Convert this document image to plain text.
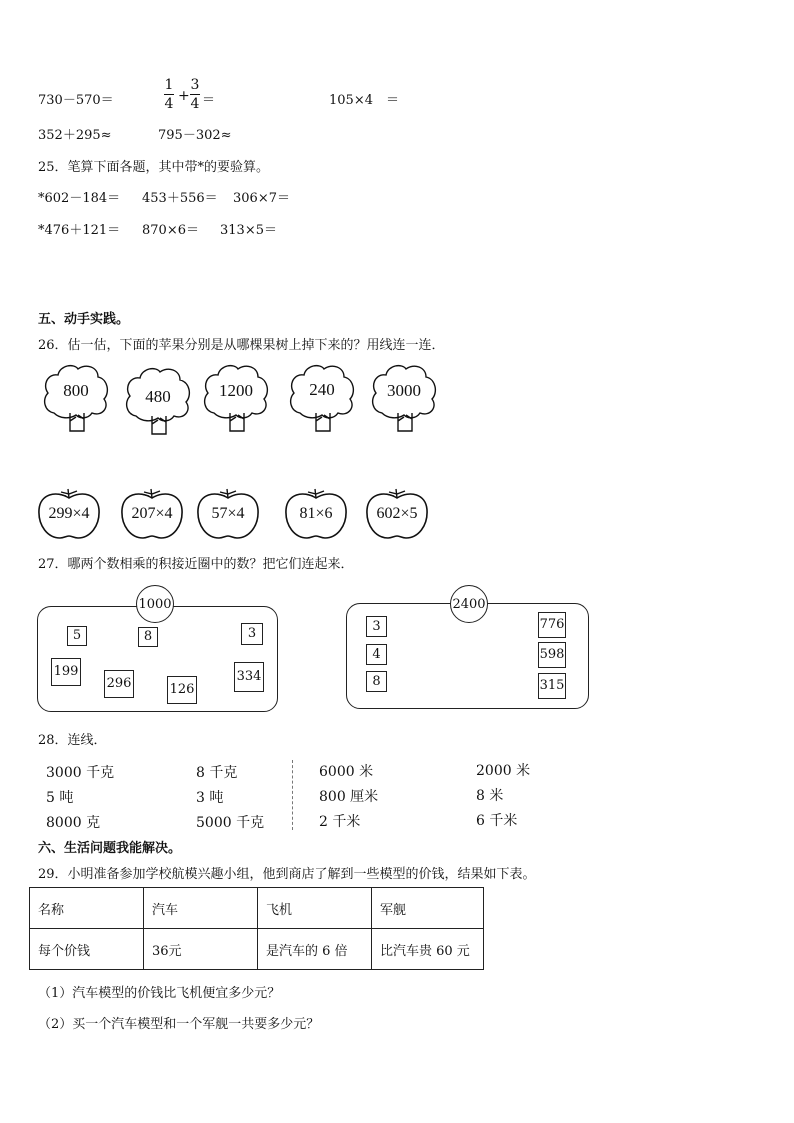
730－570＝
1
4 +
3
4 ＝	105×4　＝
352＋295≈	795－302≈
25．笔算下面各题，其中带*的要验算。
*602－184＝ 453＋556＝ 306×7＝
*476＋121＝ 870×6＝ 313×5＝
五、动手实践。
26．估一估，下面的苹果分别是从哪棵果树上掉下来的？用线连一连．
800	480	1200	240	3000
299×4	207×4	57×4	81×6	602×5
27．哪两个数相乘的积接近圈中的数？把它们连起来．
1000
5	8	3
199
296	126
334
2400
3
4
8
776
598
315
28．连线．
3000 千克
5 吨
8000 克
8 千克
3 吨
5000 千克
6000 米
800 厘米
2 千米
2000 米
8 米
6 千米
六、生活问题我能解决。
29．小明准备参加学校航模兴趣小组，他到商店了解到一些模型的价钱，结果如下表。
名称	汽车	飞机	军舰
每个价钱	36元	是汽车的 6 倍	比汽车贵 60 元
（1）汽车模型的价钱比飞机便宜多少元？
（2）买一个汽车模型和一个军舰一共要多少元？
